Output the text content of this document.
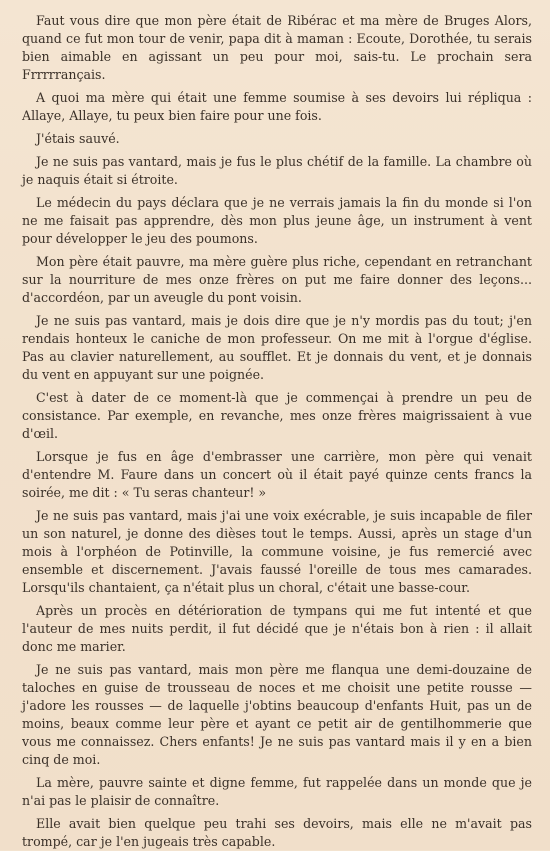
Faut vous dire que mon père était de Ribérac et ma mère de Bruges Alors, quand ce fut mon tour de venir, papa dit à maman : Ecoute, Dorothée, tu serais bien aimable en agissant un peu pour moi, sais-tu. Le prochain sera Frrrrrançais.

A quoi ma mère qui était une femme soumise à ses devoirs lui répliqua : Allaye, Allaye, tu peux bien faire pour une fois.

J'étais sauvé.

Je ne suis pas vantard, mais je fus le plus chétif de la famille. La chambre où je naquis était si étroite.

Le médecin du pays déclara que je ne verrais jamais la fin du monde si l'on ne me faisait pas apprendre, dès mon plus jeune âge, un instrument à vent pour développer le jeu des poumons.

Mon père était pauvre, ma mère guère plus riche, cependant en retranchant sur la nourriture de mes onze frères on put me faire donner des leçons... d'accordéon, par un aveugle du pont voisin.

Je ne suis pas vantard, mais je dois dire que je n'y mordis pas du tout; j'en rendais honteux le caniche de mon professeur. On me mit à l'orgue d'église. Pas au clavier naturellement, au soufflet. Et je donnais du vent, et je donnais du vent en appuyant sur une poignée.

C'est à dater de ce moment-là que je commençai à prendre un peu de consistance. Par exemple, en revanche, mes onze frères maigrissaient à vue d'œil.

Lorsque je fus en âge d'embrasser une carrière, mon père qui venait d'entendre M. Faure dans un concert où il était payé quinze cents francs la soirée, me dit : « Tu seras chanteur! »

Je ne suis pas vantard, mais j'ai une voix exécrable, je suis incapable de filer un son naturel, je donne des dièses tout le temps. Aussi, après un stage d'un mois à l'orphéon de Potinville, la commune voisine, je fus remercié avec ensemble et discernement. J'avais faussé l'oreille de tous mes camarades. Lorsqu'ils chantaient, ça n'était plus un choral, c'était une basse-cour.

Après un procès en détérioration de tympans qui me fut intenté et que l'auteur de mes nuits perdit, il fut décidé que je n'étais bon à rien : il allait donc me marier.

Je ne suis pas vantard, mais mon père me flanqua une demi-douzaine de taloches en guise de trousseau de noces et me choisit une petite rousse — j'adore les rousses — de laquelle j'obtins beaucoup d'enfants Huit, pas un de moins, beaux comme leur père et ayant ce petit air de gentilhommerie que vous me connaissez. Chers enfants! Je ne suis pas vantard mais il y en a bien cinq de moi.

La mère, pauvre sainte et digne femme, fut rappelée dans un monde que je n'ai pas le plaisir de connaître.

Elle avait bien quelque peu trahi ses devoirs, mais elle ne m'avait pas trompé, car je l'en jugeais très capable.
